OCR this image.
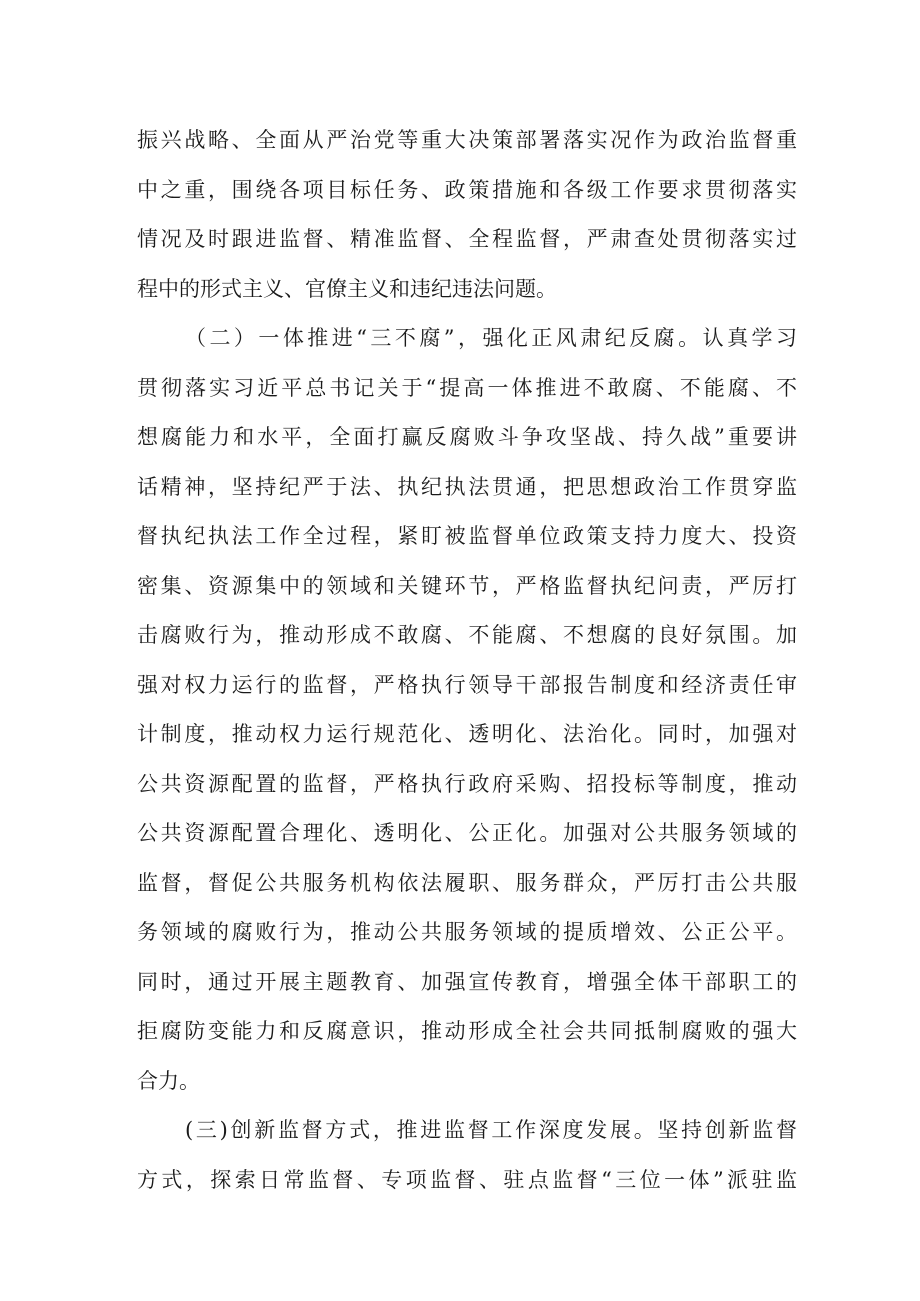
振兴战略、全面从严治党等重大决策部署落实况作为政治监督重
中之重，围绕各项目标任务、政策措施和各级工作要求贯彻落实
情况及时跟进监督、精准监督、全程监督，严肃查处贯彻落实过
程中的形式主义、官僚主义和违纪违法问题。
（二）一体推进“三不腐”，强化正风肃纪反腐。认真学习
贯彻落实习近平总书记关于“提高一体推进不敢腐、不能腐、不
想腐能力和水平，全面打赢反腐败斗争攻坚战、持久战”重要讲
话精神，坚持纪严于法、执纪执法贯通，把思想政治工作贯穿监
督执纪执法工作全过程，紧盯被监督单位政策支持力度大、投资
密集、资源集中的领域和关键环节，严格监督执纪问责，严厉打
击腐败行为，推动形成不敢腐、不能腐、不想腐的良好氛围。加
强对权力运行的监督，严格执行领导干部报告制度和经济责任审
计制度，推动权力运行规范化、透明化、法治化。同时，加强对
公共资源配置的监督，严格执行政府采购、招投标等制度，推动
公共资源配置合理化、透明化、公正化。加强对公共服务领域的
监督，督促公共服务机构依法履职、服务群众，严厉打击公共服
务领域的腐败行为，推动公共服务领域的提质增效、公正公平。
同时，通过开展主题教育、加强宣传教育，增强全体干部职工的
拒腐防变能力和反腐意识，推动形成全社会共同抵制腐败的强大
合力。
(三)创新监督方式，推进监督工作深度发展。坚持创新监督
方式，探索日常监督、专项监督、驻点监督“三位一体”派驻监
